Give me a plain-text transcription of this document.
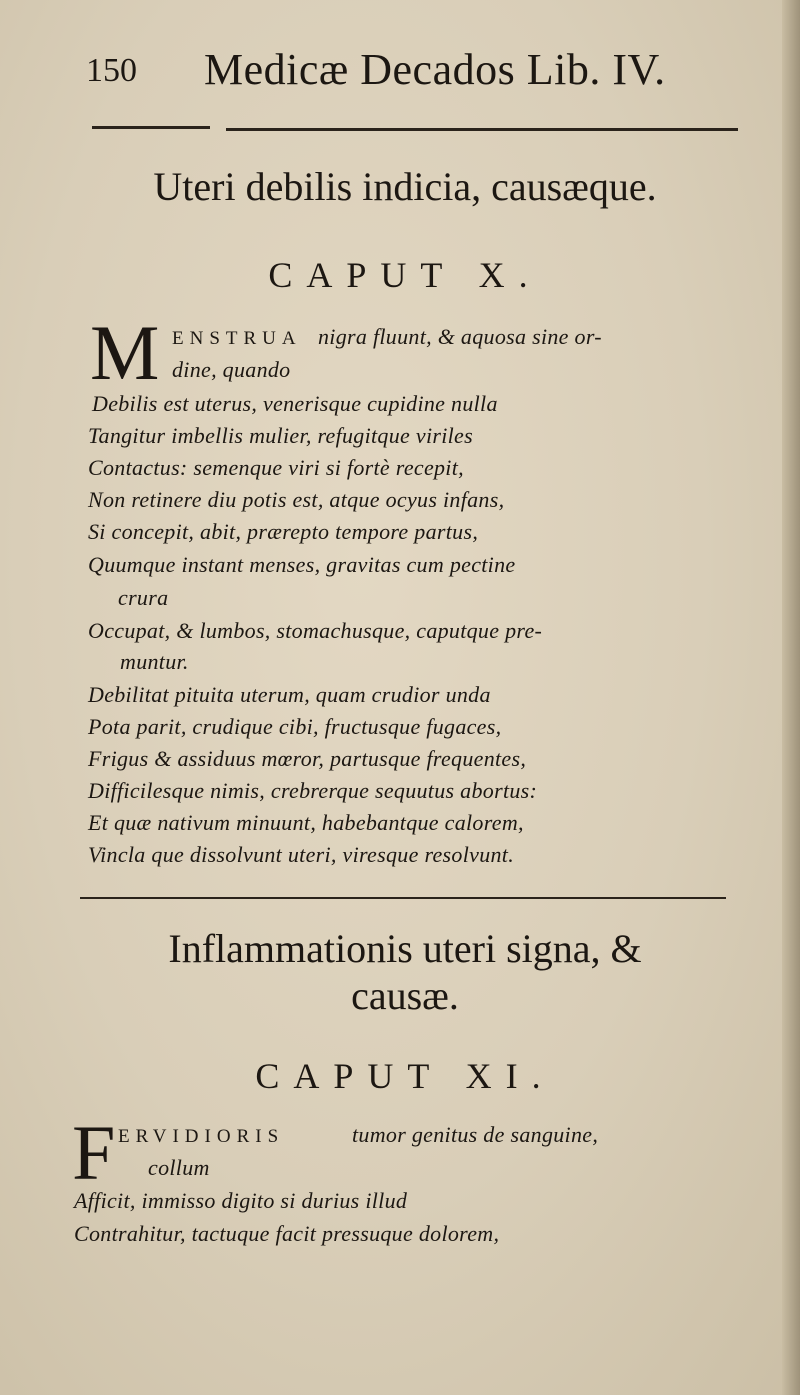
150 Medicæ Decados Lib. IV.
Uteri debilis indicia, causæque.
CAPUT X.
M ENSTRUA nigra fluunt, & aquosa sine or-
dine, quando
Debilis est uterus, venerisque cupidine nulla
Tangitur imbellis mulier, refugitque viriles
Contactus: semenque viri si fortè recepit,
Non retinere diu potis est, atque ocyus infans,
Si concepit, abit, prærepto tempore partus,
Quumque instant menses, gravitas cum pectine
crura
Occupat, & lumbos, stomachusque, caputque pre-
muntur.
Debilitat pituita uterum, quam crudior unda
Pota parit, crudique cibi, fructusque fugaces,
Frigus & assiduus mœror, partusque frequentes,
Difficilesque nimis, crebrerque sequutus abortus:
Et quæ nativum minuunt, habebantque calorem,
Vincla que dissolvunt uteri, viresque resolvunt.
Inflammationis uteri signa, &
causæ.
CAPUT XI.
F ERVIDIORIS	tumor genitus de sanguine,
collum
Afficit, immisso digito si durius illud
Contrahitur, tactuque facit pressuque dolorem,
